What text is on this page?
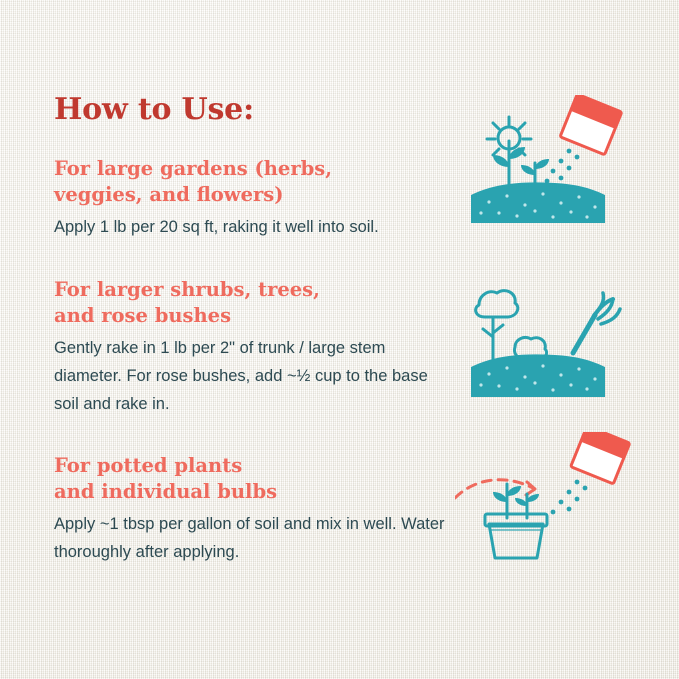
How to Use:
For large gardens (herbs,
veggies, and flowers)
Apply 1 lb per 20 sq ft, raking it well into soil.
For larger shrubs, trees,
and rose bushes
Gently rake in 1 lb per 2" of trunk / large stem diameter. For rose bushes, add ~½ cup to the base soil and rake in.
For potted plants
and individual bulbs
Apply ~1 tbsp per gallon of soil and mix in well. Water thoroughly after applying.
